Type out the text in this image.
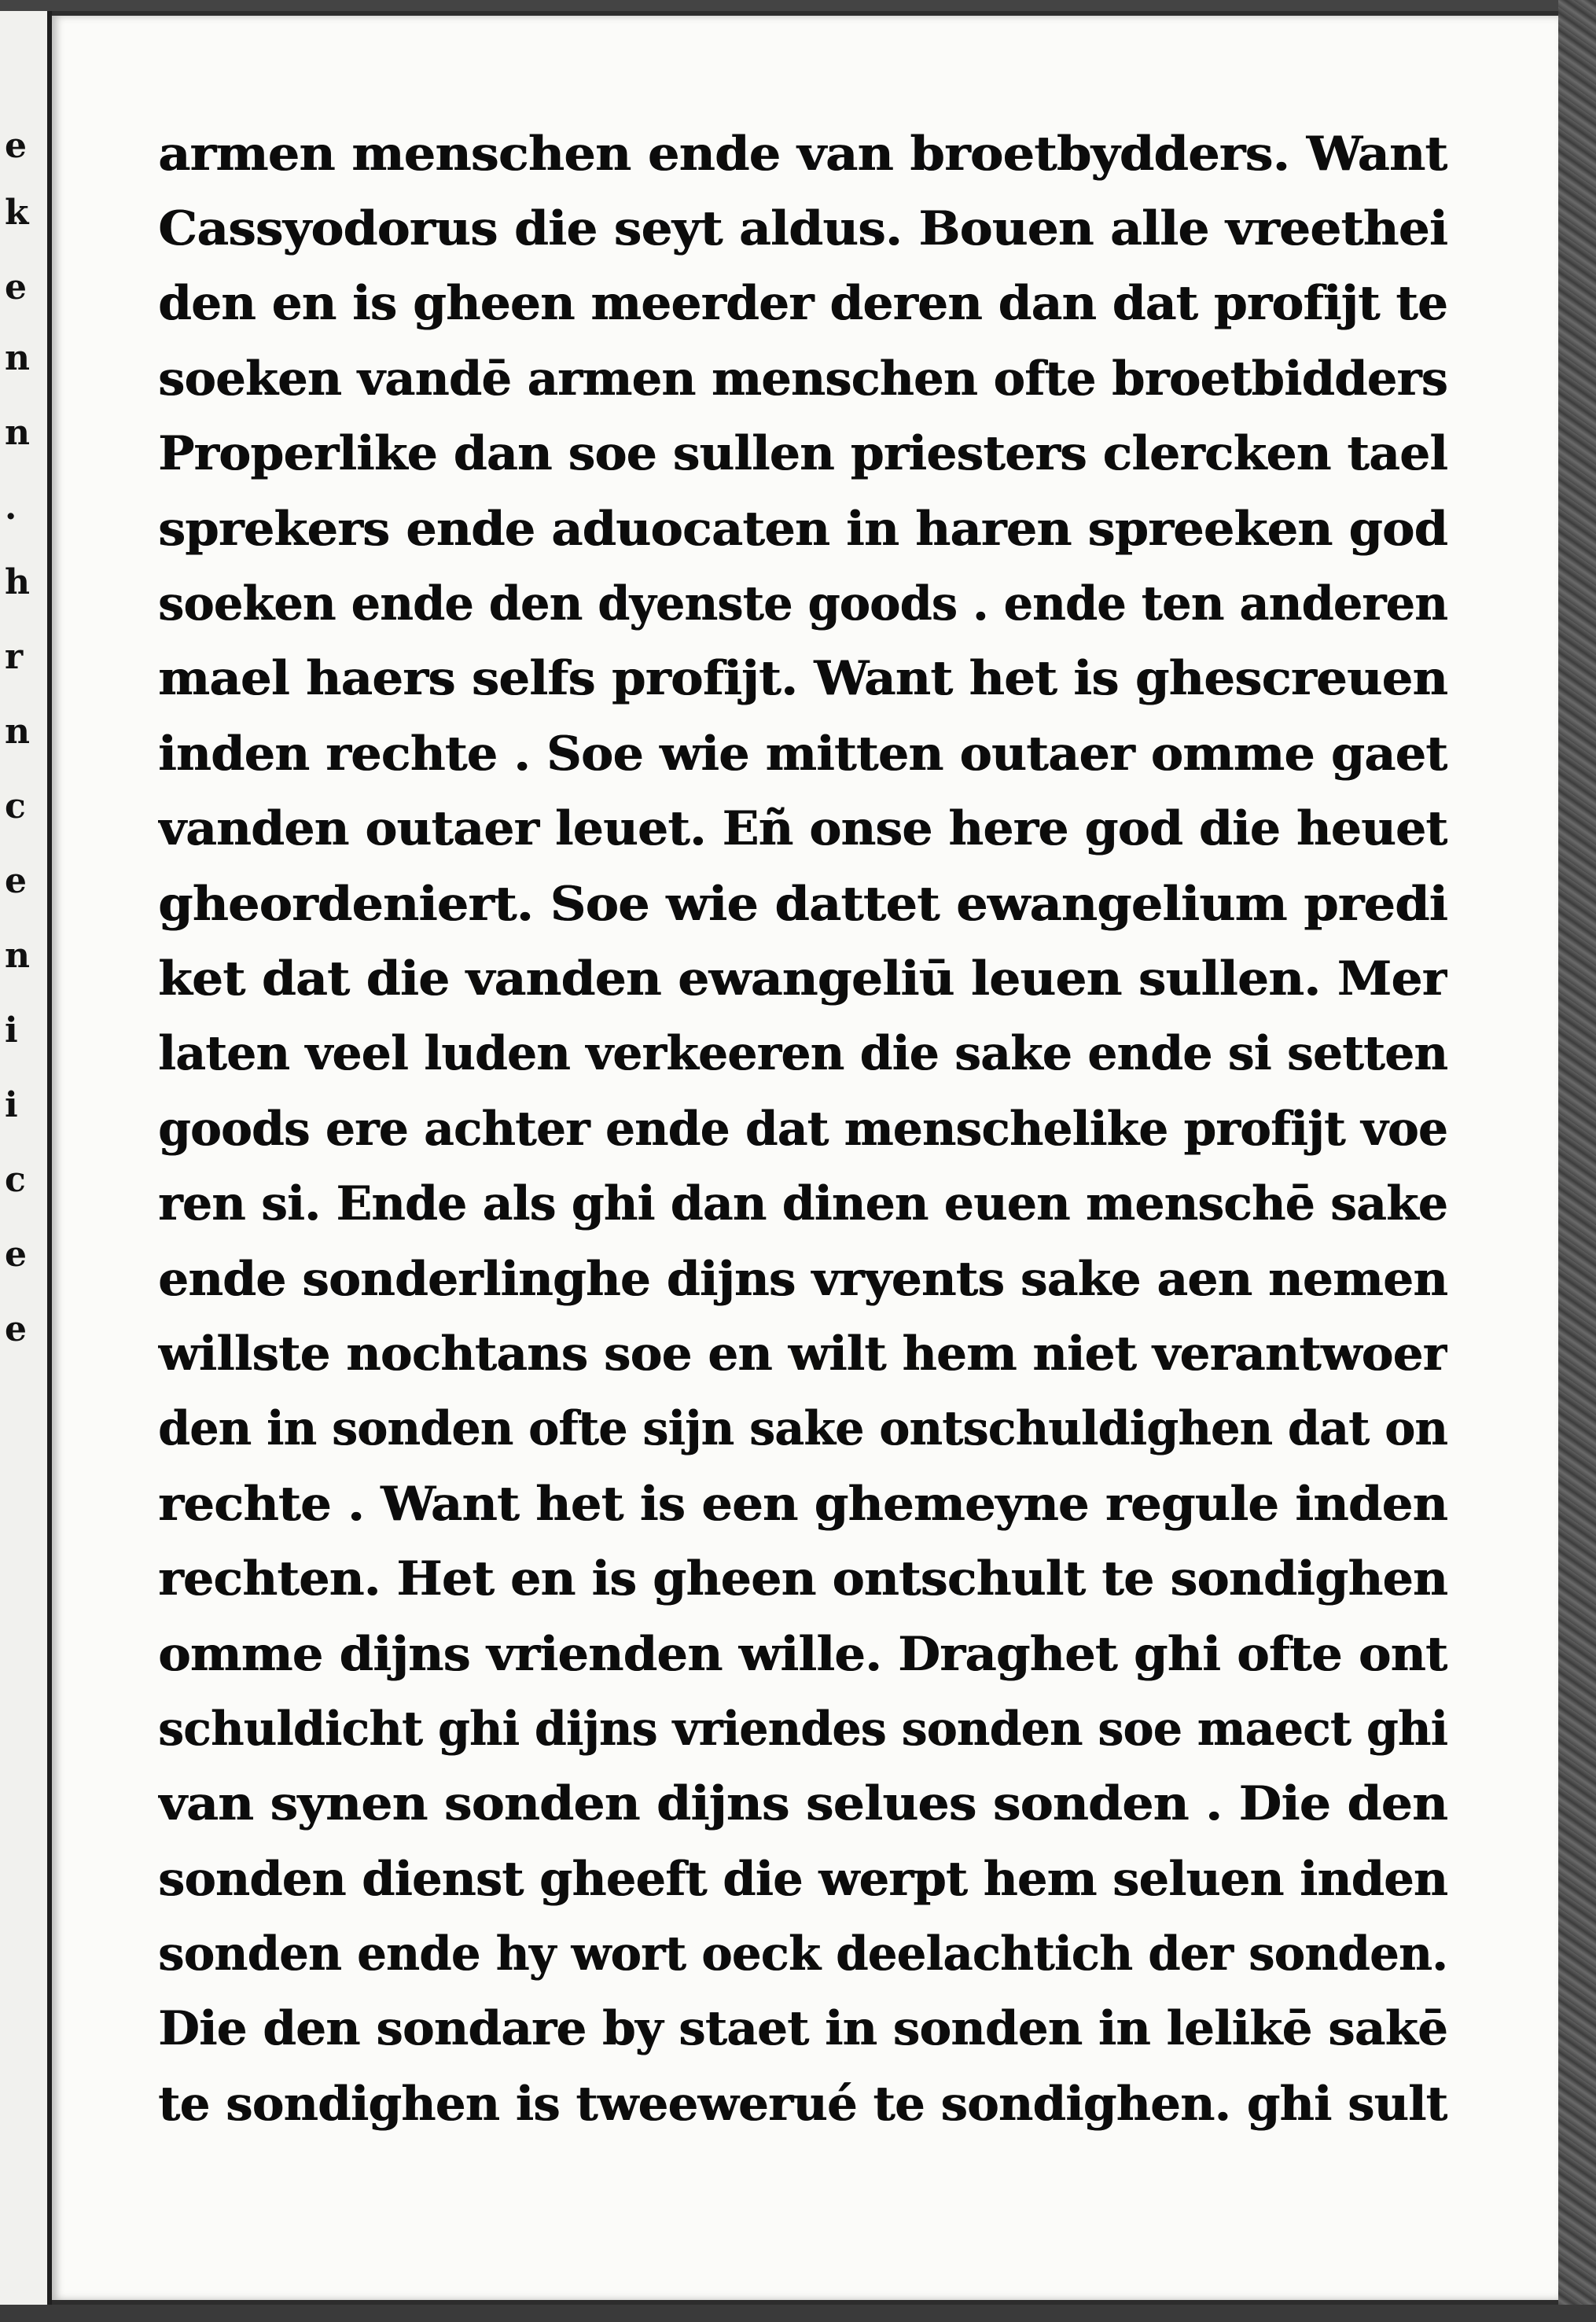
e
k
e
n
n
.
h
r
n
c
e
n
i
i
c
e
e
armen menschen ende van broetbydders. Want
Cassyodorus die seyt aldus. Bouen alle vreethei
den en is gheen meerder deren dan dat profijt te
soeken vandē armen menschen ofte broetbidders
Properlike dan soe sullen priesters clercken tael
sprekers ende aduocaten in haren spreeken god
soeken ende den dyenste goods . ende ten anderen
mael haers selfs profijt. Want het is ghescreuen
inden rechte . Soe wie mitten outaer omme gaet
vanden outaer leuet. Eñ onse here god die heuet
gheordeniert. Soe wie dattet ewangelium predi
ket dat die vanden ewangeliū leuen sullen. Mer
laten veel luden verkeeren die sake ende si setten
goods ere achter ende dat menschelike profijt voe
ren si. Ende als ghi dan dinen euen menschē sake
ende sonderlinghe dijns vryents sake aen nemen
willste nochtans soe en wilt hem niet verantwoer
den in sonden ofte sijn sake ontschuldighen dat on
rechte . Want het is een ghemeyne regule inden
rechten. Het en is gheen ontschult te sondighen
omme dijns vrienden wille. Draghet ghi ofte ont
schuldicht ghi dijns vriendes sonden soe maect ghi
van synen sonden dijns selues sonden . Die den
sonden dienst gheeft die werpt hem seluen inden
sonden ende hy wort oeck deelachtich der sonden.
Die den sondare by staet in sonden in lelikē sakē
te sondighen is tweewerué te sondighen. ghi sult
